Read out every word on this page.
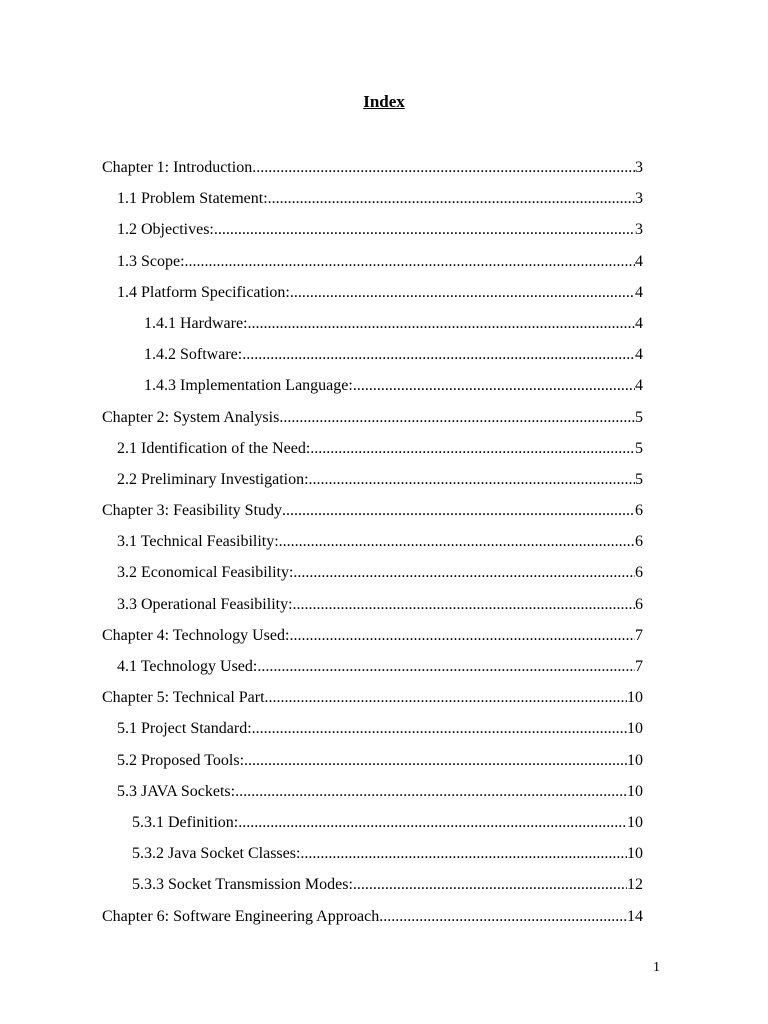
Index
Chapter 1: Introduction .....	3
1.1 Problem Statement: .....	3
1.2 Objectives: .....	3
1.3 Scope: .....	4
1.4 Platform Specification: .....	4
1.4.1 Hardware: .....	4
1.4.2 Software: .....	4
1.4.3 Implementation Language: .....	4
Chapter 2: System Analysis .....	5
2.1 Identification of the Need: .....	5
2.2 Preliminary Investigation: .....	5
Chapter 3: Feasibility Study .....	6
3.1 Technical Feasibility: .....	6
3.2 Economical Feasibility: .....	6
3.3 Operational Feasibility: .....	6
Chapter 4: Technology Used: .....	7
4.1 Technology Used: .....	7
Chapter 5: Technical Part .....	10
5.1 Project Standard: .....	10
5.2 Proposed Tools: .....	10
5.3 JAVA Sockets: .....	10
5.3.1 Definition: .....	10
5.3.2 Java Socket Classes: .....	10
5.3.3 Socket Transmission Modes: .....	12
Chapter 6: Software Engineering Approach .....	14
1
